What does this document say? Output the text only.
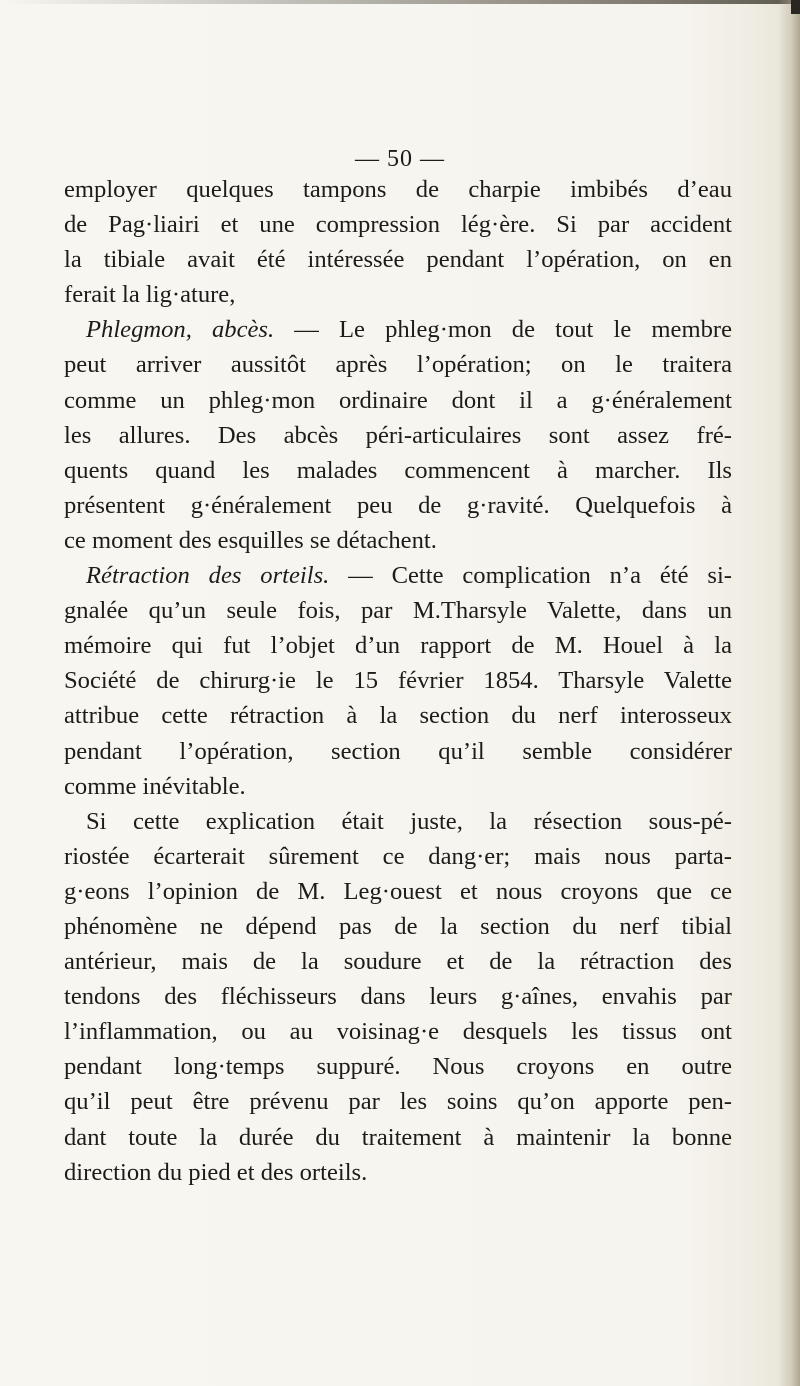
— 50 —
employer quelques tampons de charpie imbibés d’eau
de Pag·liairi et une compression lég·ère. Si par accident
la tibiale avait été intéressée pendant l’opération, on en
ferait la lig·ature,
Phlegmon, abcès. — Le phleg·mon de tout le membre
peut arriver aussitôt après l’opération; on le traitera
comme un phleg·mon ordinaire dont il a g·énéralement
les allures. Des abcès péri-articulaires sont assez fré-
quents quand les malades commencent à marcher. Ils
présentent g·énéralement peu de g·ravité. Quelquefois à
ce moment des esquilles se détachent.
Rétraction des orteils. — Cette complication n’a été si-
gnalée qu’un seule fois, par M.Tharsyle Valette, dans un
mémoire qui fut l’objet d’un rapport de M. Houel à la
Société de chirurg·ie le 15 février 1854. Tharsyle Valette
attribue cette rétraction à la section du nerf interosseux
pendant l’opération, section qu’il semble considérer
comme inévitable.
Si cette explication était juste, la résection sous-pé-
riostée écarterait sûrement ce dang·er; mais nous parta-
g·eons l’opinion de M. Leg·ouest et nous croyons que ce
phénomène ne dépend pas de la section du nerf tibial
antérieur, mais de la soudure et de la rétraction des
tendons des fléchisseurs dans leurs g·aînes, envahis par
l’inflammation, ou au voisinag·e desquels les tissus ont
pendant long·temps suppuré. Nous croyons en outre
qu’il peut être prévenu par les soins qu’on apporte pen-
dant toute la durée du traitement à maintenir la bonne
direction du pied et des orteils.
